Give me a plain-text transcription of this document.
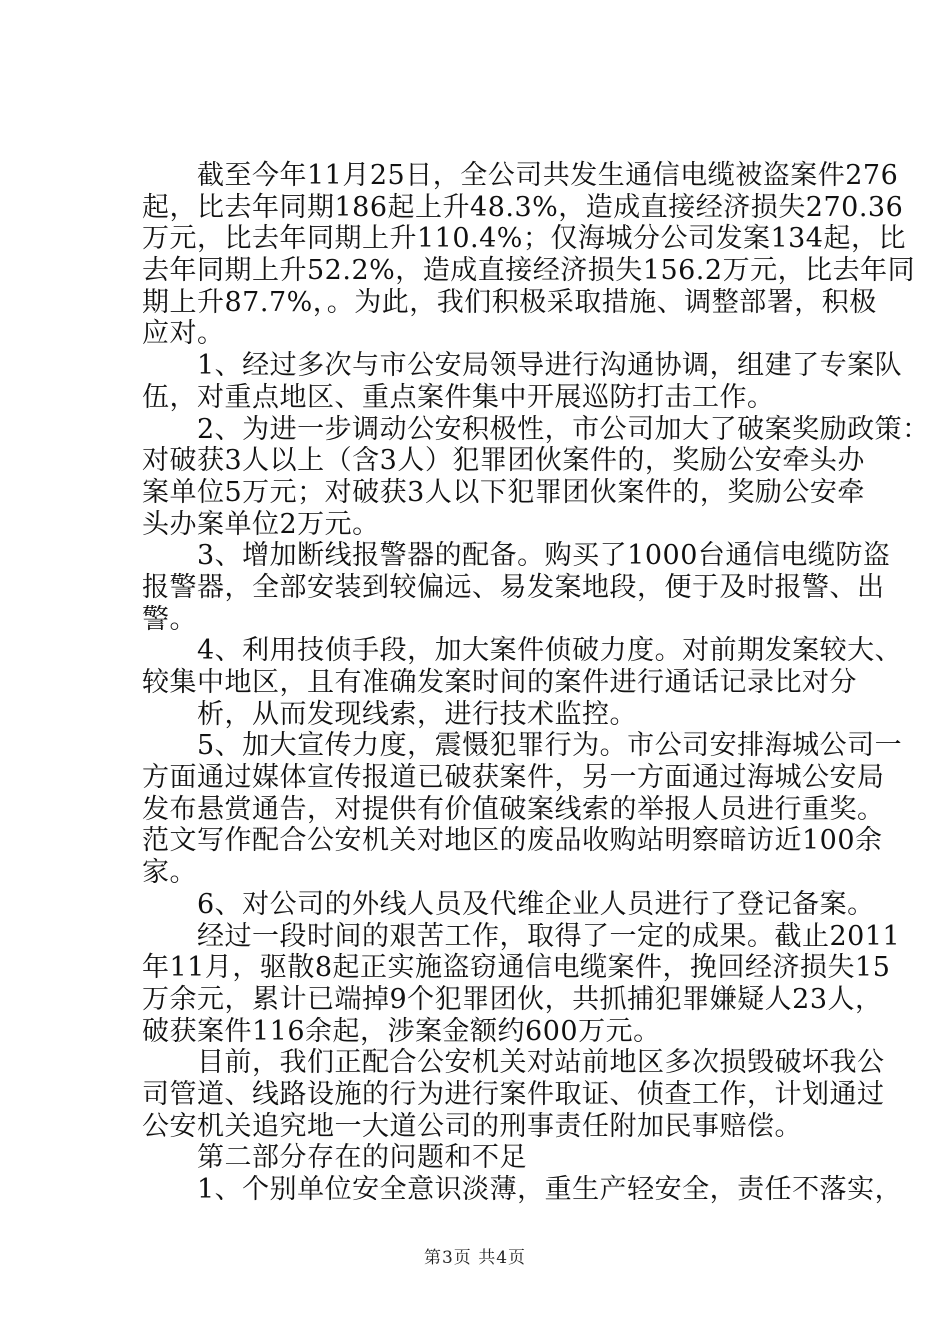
　　截至今年11月25日，全公司共发生通信电缆被盗案件276
起，比去年同期186起上升48.3%，造成直接经济损失270.36
万元，比去年同期上升110.4%；仅海城分公司发案134起，比
去年同期上升52.2%，造成直接经济损失156.2万元，比去年同
期上升87.7%，。为此，我们积极采取措施、调整部署，积极
应对。
　　1、经过多次与市公安局领导进行沟通协调，组建了专案队
伍，对重点地区、重点案件集中开展巡防打击工作。
　　2、为进一步调动公安积极性，市公司加大了破案奖励政策：
对破获3人以上（含3人）犯罪团伙案件的，奖励公安牵头办
案单位5万元；对破获3人以下犯罪团伙案件的，奖励公安牵
头办案单位2万元。
　　3、增加断线报警器的配备。购买了1000台通信电缆防盗
报警器，全部安装到较偏远、易发案地段，便于及时报警、出
警。
　　4、利用技侦手段，加大案件侦破力度。对前期发案较大、
较集中地区，且有准确发案时间的案件进行通话记录比对分
　　析，从而发现线索，进行技术监控。
　　5、加大宣传力度，震慑犯罪行为。市公司安排海城公司一
方面通过媒体宣传报道已破获案件，另一方面通过海城公安局
发布悬赏通告，对提供有价值破案线索的举报人员进行重奖。
范文写作配合公安机关对地区的废品收购站明察暗访近100余
家。
　　6、对公司的外线人员及代维企业人员进行了登记备案。
　　经过一段时间的艰苦工作，取得了一定的成果。截止2011
年11月，驱散8起正实施盗窃通信电缆案件，挽回经济损失15
万余元，累计已端掉9个犯罪团伙，共抓捕犯罪嫌疑人23人，
破获案件116余起，涉案金额约600万元。
　　目前，我们正配合公安机关对站前地区多次损毁破坏我公
司管道、线路设施的行为进行案件取证、侦查工作，计划通过
公安机关追究地一大道公司的刑事责任附加民事赔偿。
　　第二部分存在的问题和不足
　　1、个别单位安全意识淡薄，重生产轻安全，责任不落实，
第3页 共4页
